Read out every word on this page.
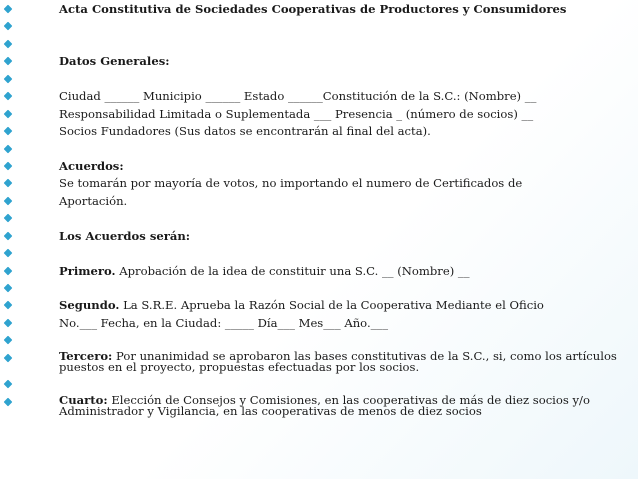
Acta Constitutiva de Sociedades Cooperativas de Productores y Consumidores
Datos Generales:
Ciudad ______ Municipio ______ Estado ______Constitución de la S.C.: (Nombre) __
Responsabilidad Limitada o Suplementada ___ Presencia _ (número de socios) __
Socios Fundadores (Sus datos se encontrarán al final del acta).
Acuerdos:
Se tomarán por mayoría de votos, no importando el numero de Certificados de
Aportación.
Los Acuerdos serán:
Primero. Aprobación de la idea de constituir una S.C. __ (Nombre) __
Segundo. La S.R.E. Aprueba la Razón Social de la Cooperativa Mediante el Oficio
No.___ Fecha, en la Ciudad: _____ Día___ Mes___ Año.___
Tercero: Por unanimidad se aprobaron las bases constitutivas de la S.C., si, como los artículos puestos en el proyecto, propuestas efectuadas por los socios.
Cuarto: Elección de Consejos y Comisiones, en las cooperativas de más de diez socios y/o Administrador y Vigilancia, en las cooperativas de menos de diez socios
